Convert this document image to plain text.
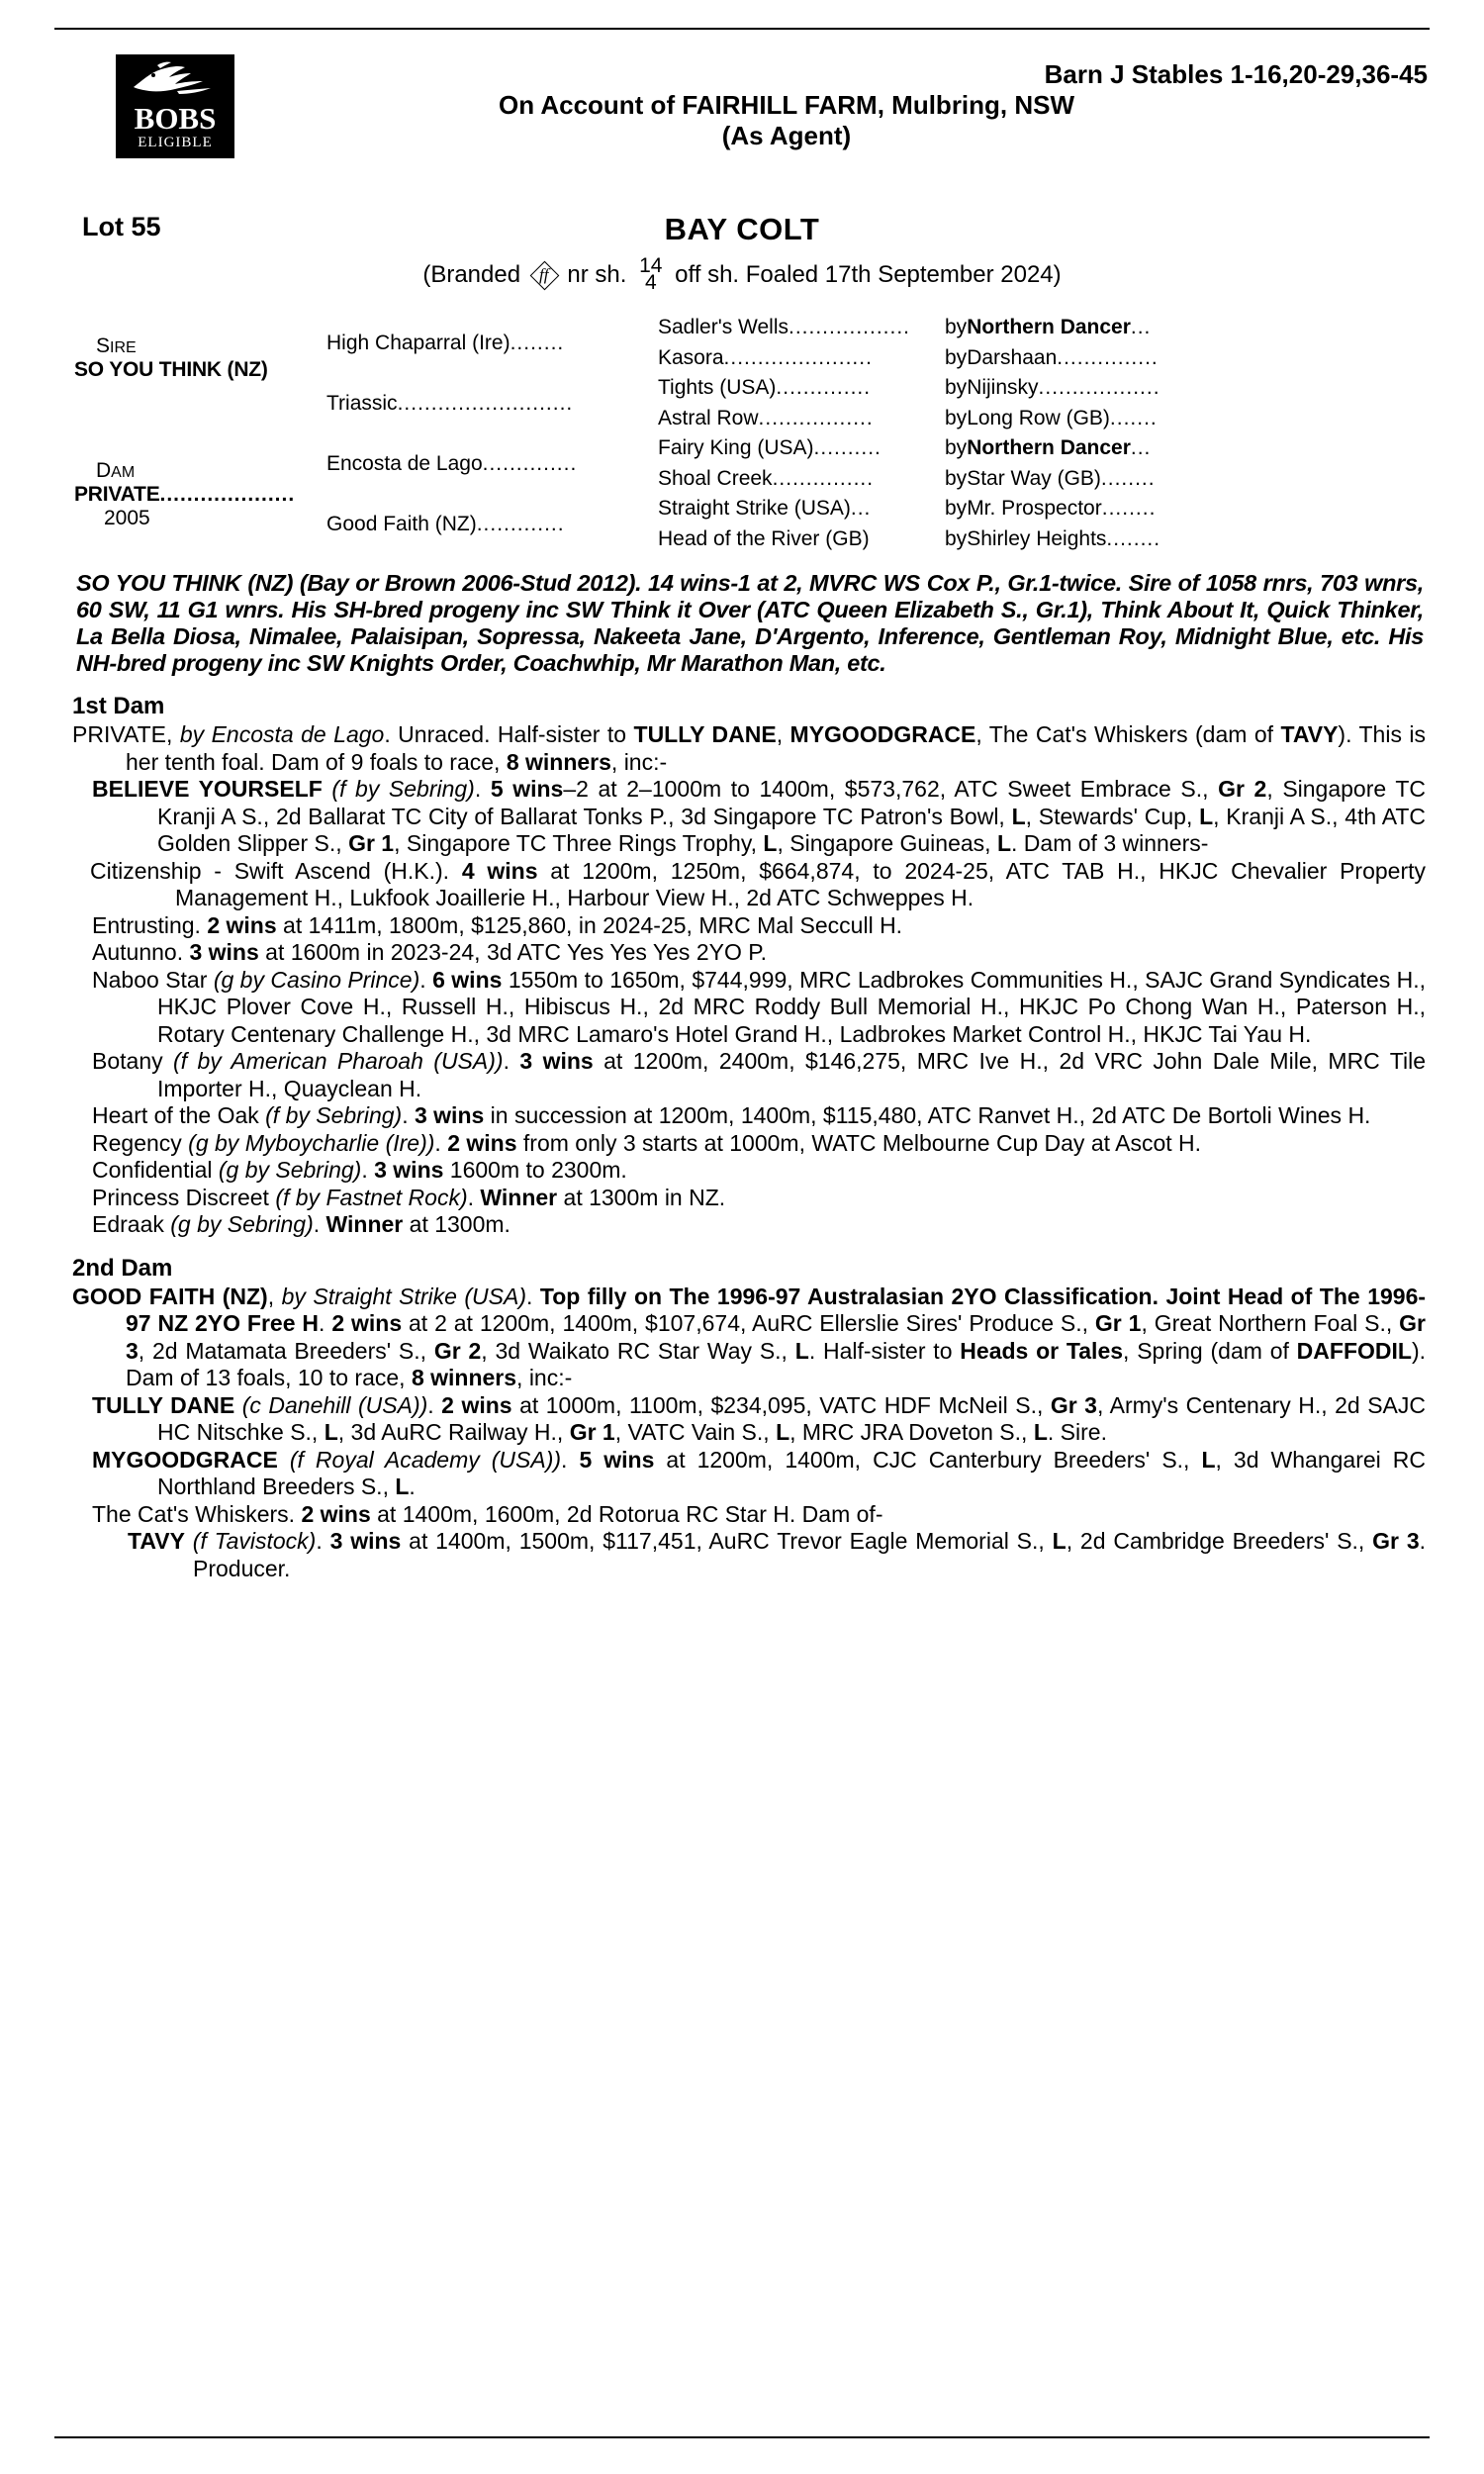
BOBS
ELIGIBLE
Barn J Stables 1-16,20-29,36-45
On Account of FAIRHILL FARM, Mulbring, NSW
(As Agent)
Lot 55	BAY COLT
(Branded	ff nr sh. 14
4 off sh. Foaled 17th September 2024)
SIRE
SO YOU THINK (NZ)
DAM
PRIVATE....................
2005
High Chaparral (Ire) ........
Triassic ..........................
Encosta de Lago ..............
Good Faith (NZ) .............
Sadler's Wells ..................
Kasora ......................
Tights (USA) ..............
Astral Row .................
Fairy King (USA) ..........
Shoal Creek ...............
Straight Strike (USA) ...
Head of the River (GB)
by Northern Dancer ...
by Darshaan ...............
by Nijinsky ..................
by Long Row (GB) .......
by Northern Dancer ...
by Star Way (GB) ........
by Mr. Prospector ........
by Shirley Heights ........
SO YOU THINK (NZ) (Bay or Brown 2006-Stud 2012). 14 wins-1 at 2, MVRC WS Cox P., Gr.1-twice. Sire of 1058 rnrs, 703 wnrs, 60 SW, 11 G1 wnrs. His SH-bred progeny inc SW Think it Over (ATC Queen Elizabeth S., Gr.1), Think About It, Quick Thinker, La Bella Diosa, Nimalee, Palaisipan, Sopressa, Nakeeta Jane, D'Argento, Inference, Gentleman Roy, Midnight Blue, etc. His NH-bred progeny inc SW Knights Order, Coachwhip, Mr Marathon Man, etc.
1st Dam
PRIVATE, by Encosta de Lago. Unraced. Half-sister to TULLY DANE, MYGOODGRACE, The Cat's Whiskers (dam of TAVY). This is her tenth foal. Dam of 9 foals to race, 8 winners, inc:-
BELIEVE YOURSELF (f by Sebring). 5 wins–2 at 2–1000m to 1400m, $573,762, ATC Sweet Embrace S., Gr 2, Singapore TC Kranji A S., 2d Ballarat TC City of Ballarat Tonks P., 3d Singapore TC Patron's Bowl, L, Stewards' Cup, L, Kranji A S., 4th ATC Golden Slipper S., Gr 1, Singapore TC Three Rings Trophy, L, Singapore Guineas, L. Dam of 3 winners-
Citizenship - Swift Ascend (H.K.). 4 wins at 1200m, 1250m, $664,874, to 2024-25, ATC TAB H., HKJC Chevalier Property Management H., Lukfook Joaillerie H., Harbour View H., 2d ATC Schweppes H.
Entrusting. 2 wins at 1411m, 1800m, $125,860, in 2024-25, MRC Mal Seccull H.
Autunno. 3 wins at 1600m in 2023-24, 3d ATC Yes Yes Yes 2YO P.
Naboo Star (g by Casino Prince). 6 wins 1550m to 1650m, $744,999, MRC Ladbrokes Communities H., SAJC Grand Syndicates H., HKJC Plover Cove H., Russell H., Hibiscus H., 2d MRC Roddy Bull Memorial H., HKJC Po Chong Wan H., Paterson H., Rotary Centenary Challenge H., 3d MRC Lamaro's Hotel Grand H., Ladbrokes Market Control H., HKJC Tai Yau H.
Botany (f by American Pharoah (USA)). 3 wins at 1200m, 2400m, $146,275, MRC Ive H., 2d VRC John Dale Mile, MRC Tile Importer H., Quayclean H.
Heart of the Oak (f by Sebring). 3 wins in succession at 1200m, 1400m, $115,480, ATC Ranvet H., 2d ATC De Bortoli Wines H.
Regency (g by Myboycharlie (Ire)). 2 wins from only 3 starts at 1000m, WATC Melbourne Cup Day at Ascot H.
Confidential (g by Sebring). 3 wins 1600m to 2300m.
Princess Discreet (f by Fastnet Rock). Winner at 1300m in NZ.
Edraak (g by Sebring). Winner at 1300m.
2nd Dam
GOOD FAITH (NZ), by Straight Strike (USA). Top filly on The 1996-97 Australasian 2YO Classification. Joint Head of The 1996-97 NZ 2YO Free H. 2 wins at 2 at 1200m, 1400m, $107,674, AuRC Ellerslie Sires' Produce S., Gr 1, Great Northern Foal S., Gr 3, 2d Matamata Breeders' S., Gr 2, 3d Waikato RC Star Way S., L. Half-sister to Heads or Tales, Spring (dam of DAFFODIL). Dam of 13 foals, 10 to race, 8 winners, inc:-
TULLY DANE (c Danehill (USA)). 2 wins at 1000m, 1100m, $234,095, VATC HDF McNeil S., Gr 3, Army's Centenary H., 2d SAJC HC Nitschke S., L, 3d AuRC Railway H., Gr 1, VATC Vain S., L, MRC JRA Doveton S., L. Sire.
MYGOODGRACE (f Royal Academy (USA)). 5 wins at 1200m, 1400m, CJC Canterbury Breeders' S., L, 3d Whangarei RC Northland Breeders S., L.
The Cat's Whiskers. 2 wins at 1400m, 1600m, 2d Rotorua RC Star H. Dam of-
TAVY (f Tavistock). 3 wins at 1400m, 1500m, $117,451, AuRC Trevor Eagle Memorial S., L, 2d Cambridge Breeders' S., Gr 3. Producer.
